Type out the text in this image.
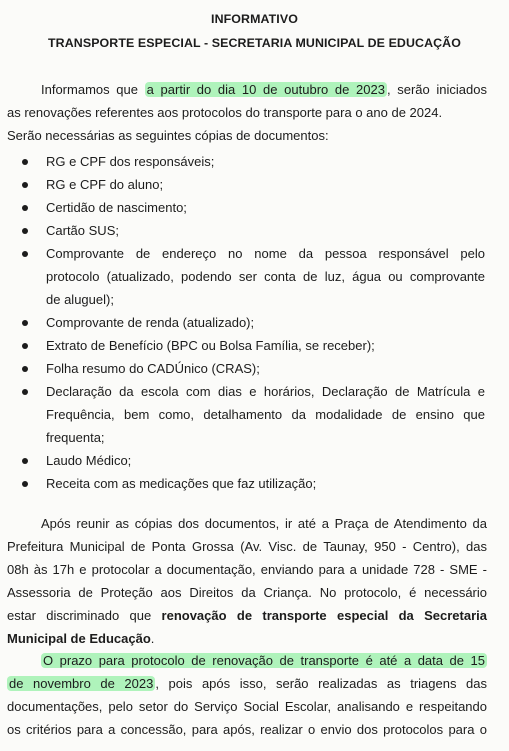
INFORMATIVO

TRANSPORTE ESPECIAL - SECRETARIA MUNICIPAL DE EDUCAÇÃO

Informamos que a partir do dia 10 de outubro de 2023 , serão iniciados
as renovações referentes aos protocolos do transporte para o ano de 2024.
Serão necessárias as seguintes cópias de documentos:

RG e CPF dos responsáveis;
RG e CPF do aluno;
Certidão de nascimento;
Cartão SUS;
Comprovante de endereço no nome da pessoa responsável pelo
protocolo (atualizado, podendo ser conta de luz, água ou comprovante
de aluguel);
Comprovante de renda (atualizado);
Extrato de Benefício (BPC ou Bolsa Família, se receber);
Folha resumo do CADÚnico (CRAS);
Declaração da escola com dias e horários, Declaração de Matrícula e
Frequência, bem como, detalhamento da modalidade de ensino que
frequenta;
Laudo Médico;
Receita com as medicações que faz utilização;

Após reunir as cópias dos documentos, ir até a Praça de Atendimento da
Prefeitura Municipal de Ponta Grossa (Av. Visc. de Taunay, 950 - Centro), das
08h às 17h e protocolar a documentação, enviando para a unidade 728 - SME -
Assessoria de Proteção aos Direitos da Criança. No protocolo, é necessário
estar discriminado que renovação de transporte especial da Secretaria
Municipal de Educação.

O prazo para protocolo de renovação de transporte é até a data de 15
de novembro de 2023 , pois após isso, serão realizadas as triagens das
documentações, pelo setor do Serviço Social Escolar, analisando e respeitando
os critérios para a concessão, para após, realizar o envio dos protocolos para o
